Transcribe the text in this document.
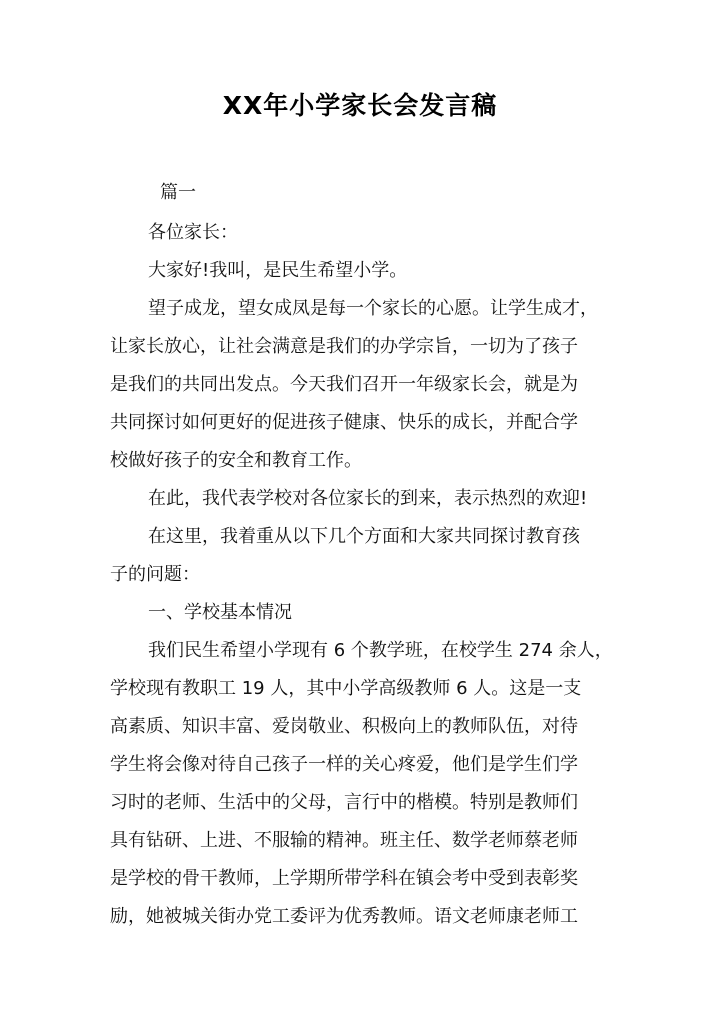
XX年小学家长会发言稿
篇一
各位家长：
大家好!我叫，是民生希望小学。
望子成龙，望女成凤是每一个家长的心愿。让学生成才，
让家长放心，让社会满意是我们的办学宗旨，一切为了孩子
是我们的共同出发点。今天我们召开一年级家长会，就是为
共同探讨如何更好的促进孩子健康、快乐的成长，并配合学
校做好孩子的安全和教育工作。
在此，我代表学校对各位家长的到来，表示热烈的欢迎!
在这里，我着重从以下几个方面和大家共同探讨教育孩
子的问题：
一、学校基本情况
我们民生希望小学现有 6 个教学班，在校学生 274 余人，
学校现有教职工 19 人，其中小学高级教师 6 人。这是一支
高素质、知识丰富、爱岗敬业、积极向上的教师队伍，对待
学生将会像对待自己孩子一样的关心疼爱，他们是学生们学
习时的老师、生活中的父母，言行中的楷模。特别是教师们
具有钻研、上进、不服输的精神。班主任、数学老师蔡老师
是学校的骨干教师，上学期所带学科在镇会考中受到表彰奖
励，她被城关街办党工委评为优秀教师。语文老师康老师工
